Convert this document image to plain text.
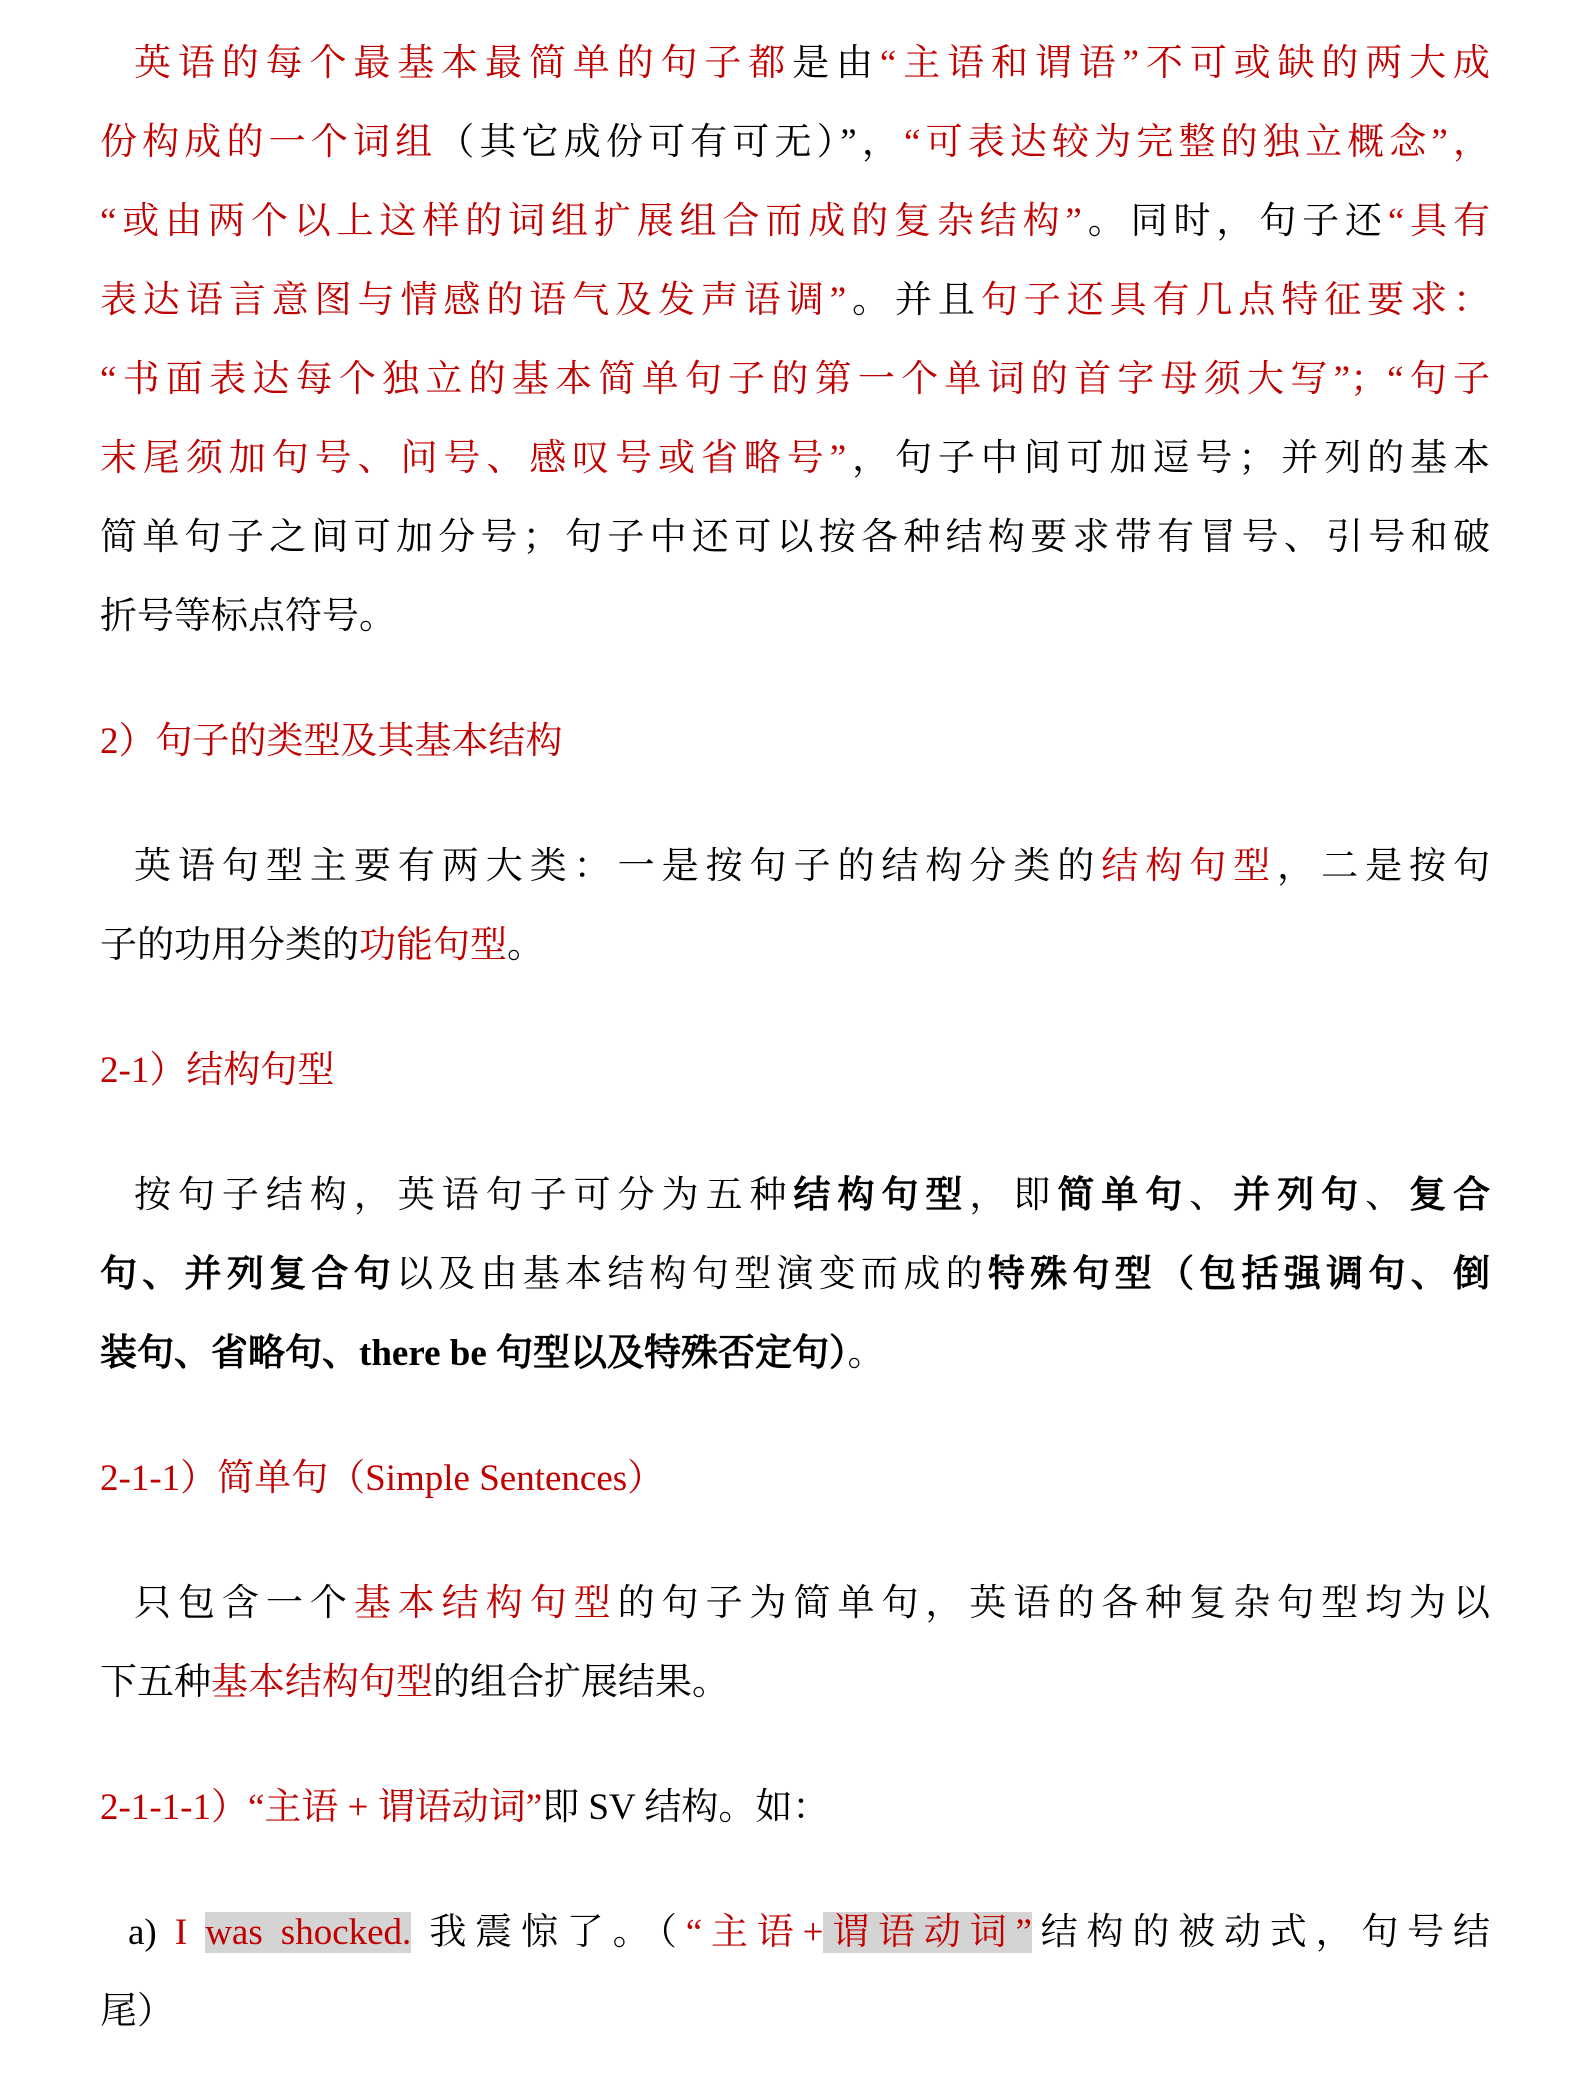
英语的每个最基本最简单的句子都是由“主语和谓语”不可或缺的两大成
份构成的一个词组（其它成份可有可无）”，“可表达较为完整的独立概念”，
“或由两个以上这样的词组扩展组合而成的复杂结构”。同时，句子还“具有
表达语言意图与情感的语气及发声语调”。并且句子还具有几点特征要求：
“书面表达每个独立的基本简单句子的第一个单词的首字母须大写”；“句子
末尾须加句号、问号、感叹号或省略号”，句子中间可加逗号；并列的基本
简单句子之间可加分号；句子中还可以按各种结构要求带有冒号、引号和破
折号等标点符号。
2）句子的类型及其基本结构
英语句型主要有两大类：一是按句子的结构分类的结构句型，二是按句
子的功用分类的功能句型。
2-1）结构句型
按句子结构，英语句子可分为五种结构句型，即简单句、并列句、复合
句、并列复合句以及由基本结构句型演变而成的特殊句型（包括强调句、倒
装句、省略句、there be 句型以及特殊否定句）。
2-1-1）简单句（Simple Sentences）
只包含一个基本结构句型的句子为简单句，英语的各种复杂句型均为以
下五种基本结构句型的组合扩展结果。
2-1-1-1）“主语 + 谓语动词”即 SV 结构。如：
a) I was shocked. 我震惊了。（“主语+谓语动词”结构的被动式，句号结
尾）
